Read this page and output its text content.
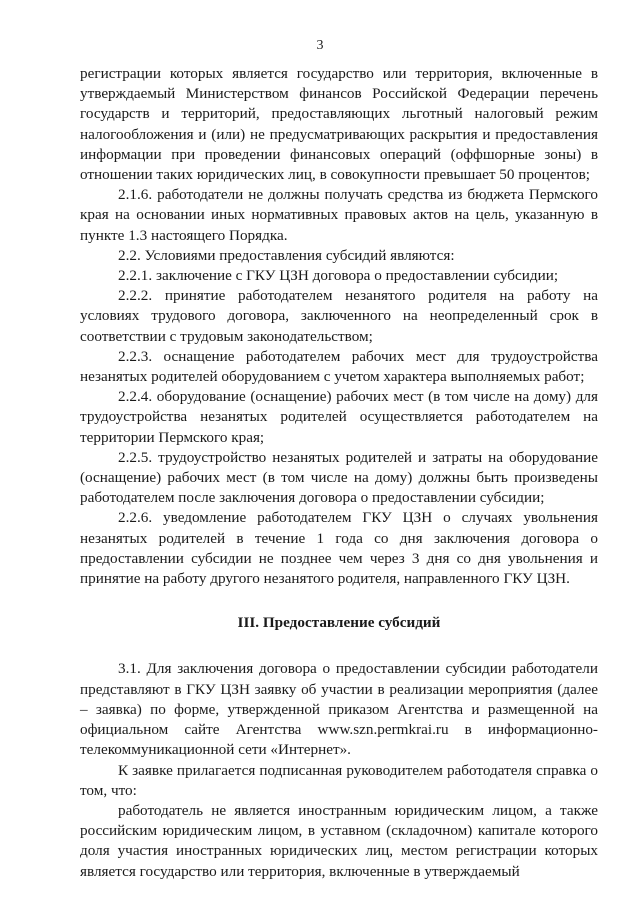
3

регистрации которых является государство или территория, включенные в утверждаемый Министерством финансов Российской Федерации перечень государств и территорий, предоставляющих льготный налоговый режим налогообложения и (или) не предусматривающих раскрытия и предоставления информации при проведении финансовых операций (оффшорные зоны) в отношении таких юридических лиц, в совокупности превышает 50 процентов;

2.1.6. работодатели не должны получать средства из бюджета Пермского края на основании иных нормативных правовых актов на цель, указанную в пункте 1.3 настоящего Порядка.

2.2. Условиями предоставления субсидий являются:

2.2.1. заключение с ГКУ ЦЗН договора о предоставлении субсидии;

2.2.2. принятие работодателем незанятого родителя на работу на условиях трудового договора, заключенного на неопределенный срок в соответствии с трудовым законодательством;

2.2.3. оснащение работодателем рабочих мест для трудоустройства незанятых родителей оборудованием с учетом характера выполняемых работ;

2.2.4. оборудование (оснащение) рабочих мест (в том числе на дому) для трудоустройства незанятых родителей осуществляется работодателем на территории Пермского края;

2.2.5. трудоустройство незанятых родителей и затраты на оборудование (оснащение) рабочих мест (в том числе на дому) должны быть произведены работодателем после заключения договора о предоставлении субсидии;

2.2.6. уведомление работодателем ГКУ ЦЗН о случаях увольнения незанятых родителей в течение 1 года со дня заключения договора о предоставлении субсидии не позднее чем через 3 дня со дня увольнения и принятие на работу другого незанятого родителя, направленного ГКУ ЦЗН.

III. Предоставление субсидий

3.1. Для заключения договора о предоставлении субсидии работодатели представляют в ГКУ ЦЗН заявку об участии в реализации мероприятия (далее – заявка) по форме, утвержденной приказом Агентства и размещенной на официальном сайте Агентства www.szn.permkrai.ru в информационно-телекоммуникационной сети «Интернет».

К заявке прилагается подписанная руководителем работодателя справка о том, что:

работодатель не является иностранным юридическим лицом, а также российским юридическим лицом, в уставном (складочном) капитале которого доля участия иностранных юридических лиц, местом регистрации которых является государство или территория, включенные в утверждаемый
